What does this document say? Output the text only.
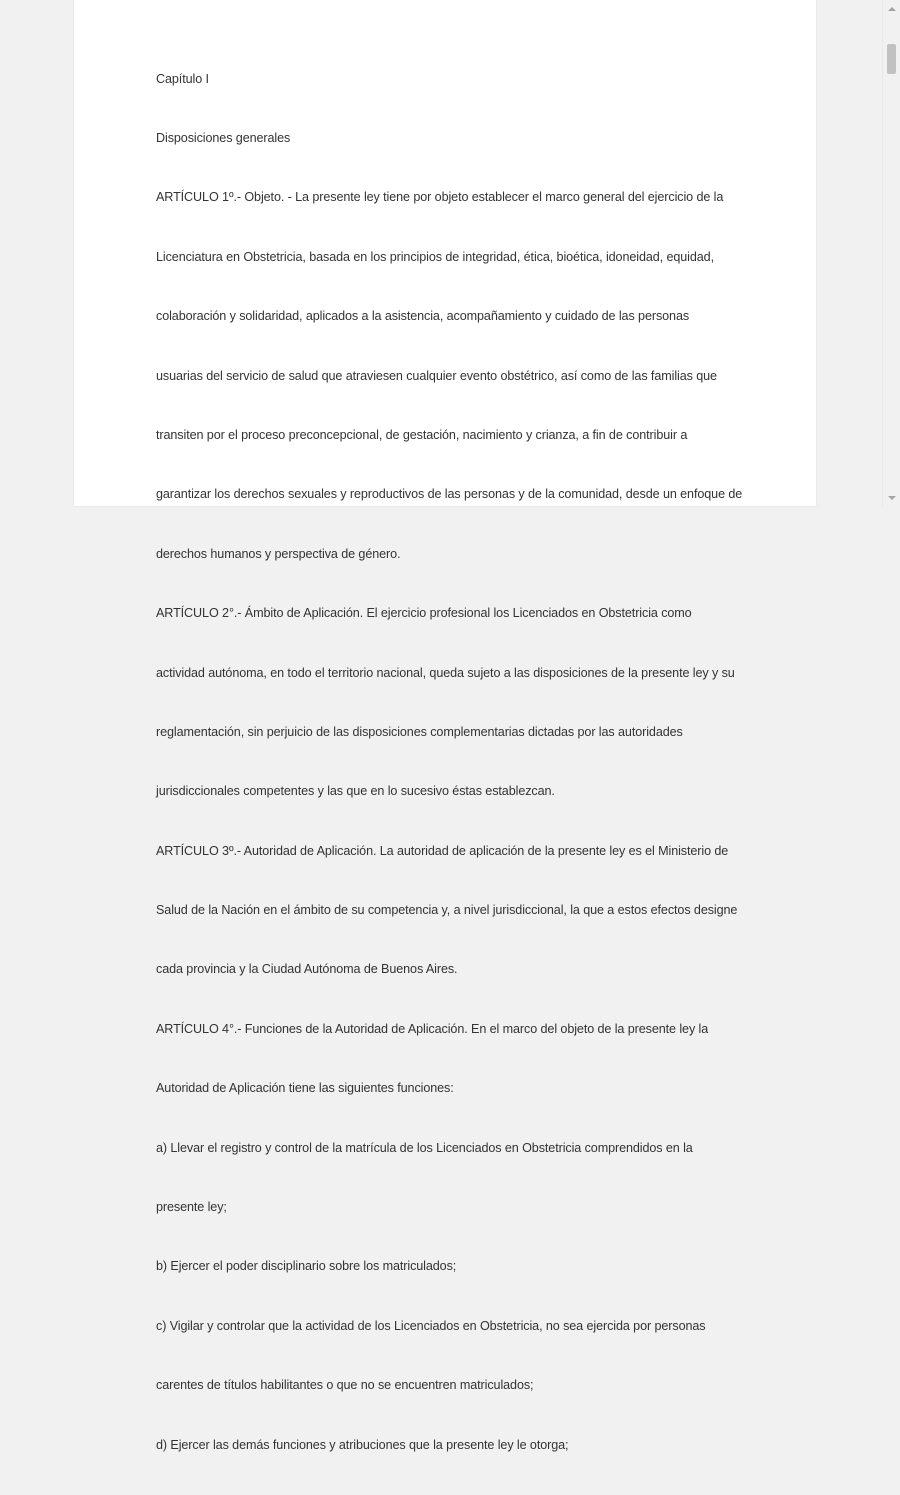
Capítulo I

Disposiciones generales

ARTÍCULO 1º.- Objeto. - La presente ley tiene por objeto establecer el marco general del ejercicio de la

Licenciatura en Obstetricia, basada en los principios de integridad, ética, bioética, idoneidad, equidad,

colaboración y solidaridad, aplicados a la asistencia, acompañamiento y cuidado de las personas

usuarias del servicio de salud que atraviesen cualquier evento obstétrico, así como de las familias que

transiten por el proceso preconcepcional, de gestación, nacimiento y crianza, a fin de contribuir a

garantizar los derechos sexuales y reproductivos de las personas y de la comunidad, desde un enfoque de

derechos humanos y perspectiva de género.

ARTÍCULO 2°.- Ámbito de Aplicación. El ejercicio profesional los Licenciados en Obstetricia como

actividad autónoma, en todo el territorio nacional, queda sujeto a las disposiciones de la presente ley y su

reglamentación, sin perjuicio de las disposiciones complementarias dictadas por las autoridades

jurisdiccionales competentes y las que en lo sucesivo éstas establezcan.

ARTÍCULO 3º.- Autoridad de Aplicación. La autoridad de aplicación de la presente ley es el Ministerio de

Salud de la Nación en el ámbito de su competencia y, a nivel jurisdiccional, la que a estos efectos designe

cada provincia y la Ciudad Autónoma de Buenos Aires.

ARTÍCULO 4°.- Funciones de la Autoridad de Aplicación. En el marco del objeto de la presente ley la

Autoridad de Aplicación tiene las siguientes funciones:

a) Llevar el registro y control de la matrícula de los Licenciados en Obstetricia comprendidos en la

presente ley;

b) Ejercer el poder disciplinario sobre los matriculados;

c) Vigilar y controlar que la actividad de los Licenciados en Obstetricia, no sea ejercida por personas

carentes de títulos habilitantes o que no se encuentren matriculados;

d) Ejercer las demás funciones y atribuciones que la presente ley le otorga;
